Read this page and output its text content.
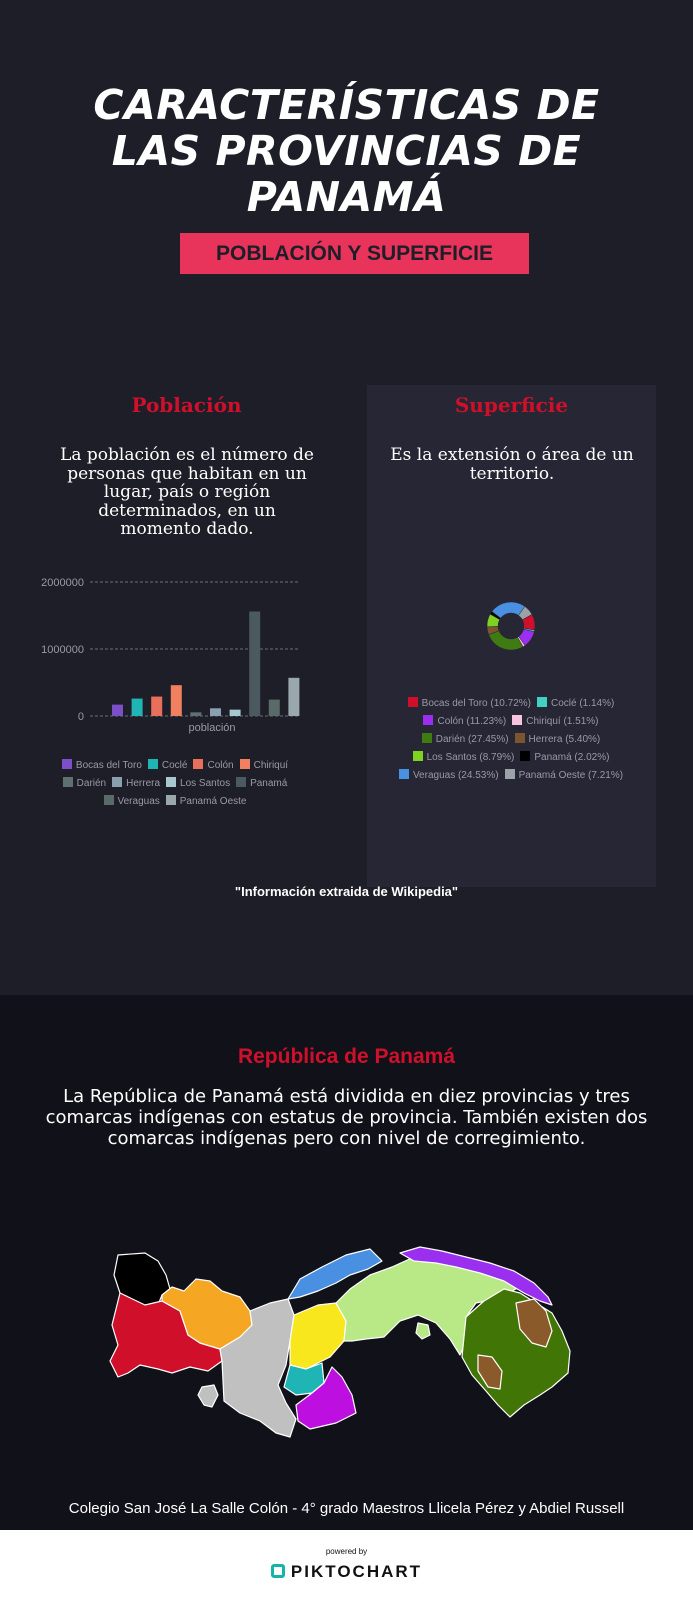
CARACTERÍSTICAS DE
LAS PROVINCIAS DE
PANAMÁ
POBLACIÓN Y SUPERFICIE
Población
La población es el número de personas que habitan en un lugar, país o región determinados, en un momento dado.
Superficie
Es la extensión o área de un territorio.
0
1000000
2000000
población
Bocas del Toro Coclé Colón ChiriquíDarién Herrera Los Santos PanamáVeraguas Panamá Oeste
Bocas del Toro (10.72%) Coclé (1.14%)Colón (11.23%) Chiriquí (1.51%)Darién (27.45%) Herrera (5.40%)Los Santos (8.79%) Panamá (2.02%)Veraguas (24.53%) Panamá Oeste (7.21%)
"Información extraida de Wikipedia"
República de Panamá
La República de Panamá está dividida en diez provincias y tres comarcas indígenas con estatus de provincia. También existen dos comarcas indígenas pero con nivel de corregimiento.
Colegio San José La Salle Colón - 4° grado Maestros Llicela Pérez y Abdiel Russell
powered by
PIKTOCHART
